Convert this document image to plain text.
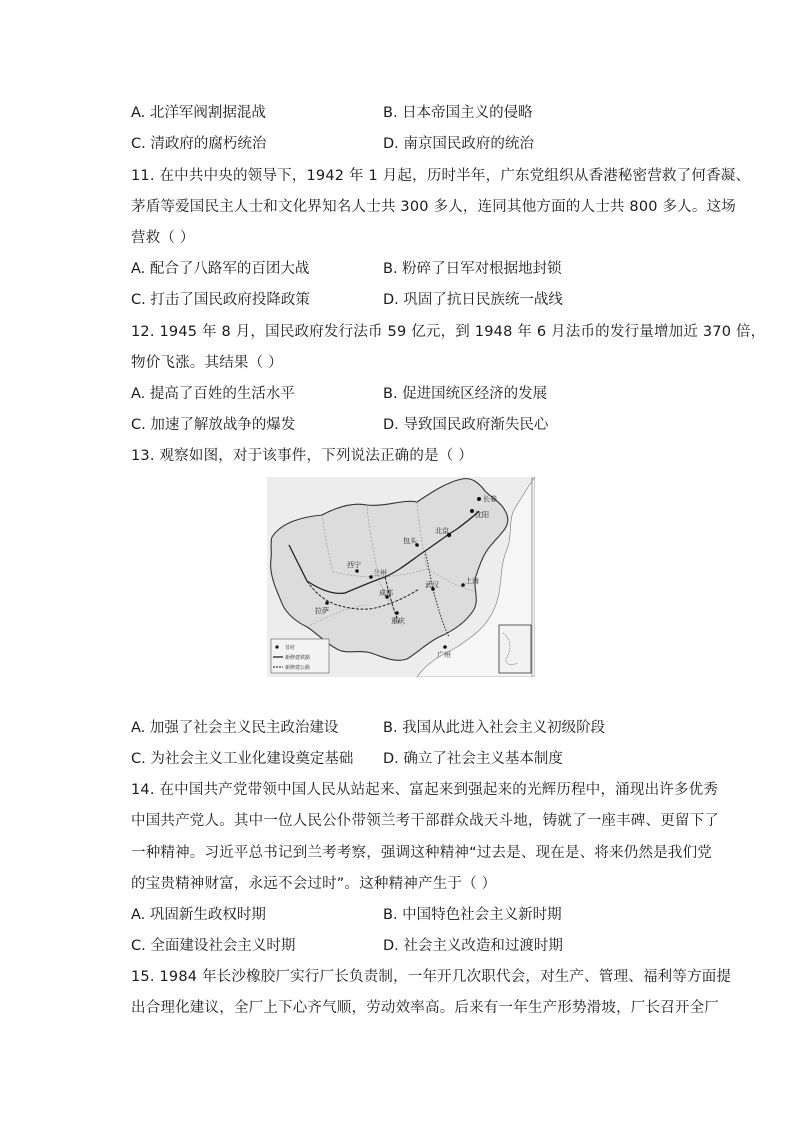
A. 北洋军阀割据混战	B. 日本帝国主义的侵略
C. 清政府的腐朽统治	D. 南京国民政府的统治
11. 在中共中央的领导下，1942 年 1 月起，历时半年，广东党组织从香港秘密营救了何香凝、
茅盾等爱国民主人士和文化界知名人士共 300 多人，连同其他方面的人士共 800 多人。这场
营救（ ）
A. 配合了八路军的百团大战	B. 粉碎了日军对根据地封锁
C. 打击了国民政府投降政策	D. 巩固了抗日民族统一战线
12. 1945 年 8 月，国民政府发行法币 59 亿元，到 1948 年 6 月法币的发行量增加近 370 倍，
物价飞涨。其结果（ ）
A. 提高了百姓的生活水平	B. 促进国统区经济的发展
C. 加速了解放战争的爆发	D. 导致国民政府渐失民心
13. 观察如图，对于该事件，下列说法正确的是（ ）
北京
沈阳
长春
包头
兰州
西宁
武汉
成都
重庆
上海
拉萨
广州
首府
新修建铁路
新修建公路
A. 加强了社会主义民主政治建设	B. 我国从此进入社会主义初级阶段
C. 为社会主义工业化建设奠定基础 D. 确立了社会主义基本制度
14. 在中国共产党带领中国人民从站起来、富起来到强起来的光辉历程中，涌现出许多优秀
中国共产党人。其中一位人民公仆带领兰考干部群众战天斗地，铸就了一座丰碑、更留下了
一种精神。习近平总书记到兰考考察，强调这种精神“过去是、现在是、将来仍然是我们党
的宝贵精神财富，永远不会过时”。这种精神产生于（ ）
A. 巩固新生政权时期	B. 中国特色社会主义新时期
C. 全面建设社会主义时期	D. 社会主义改造和过渡时期
15. 1984 年长沙橡胶厂实行厂长负责制，一年开几次职代会，对生产、管理、福利等方面提
出合理化建议，全厂上下心齐气顺，劳动效率高。后来有一年生产形势滑坡，厂长召开全厂
